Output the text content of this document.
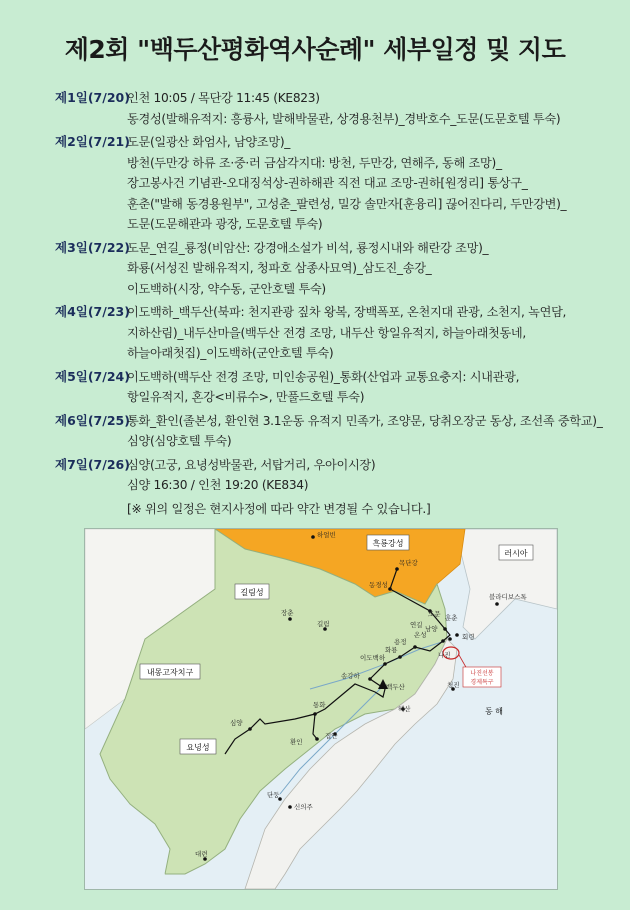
제2회 "백두산평화역사순례" 세부일정 및 지도
제1일(7/20)
인천 10:05 / 목단강 11:45 (KE823)
동경성(발해유적지: 흥륭사, 발해박물관, 상경용천부)_경박호수_도문(도문호텔 투숙)
제2일(7/21)
도문(일광산 화엄사, 남양조망)_
방천(두만강 하류 조·중·러 금삼각지대: 방천, 두만강, 연해주, 동해 조망)_
장고봉사건 기념관-오대징석상-권하해관 직전 대교 조망-권하[원정리] 통상구_
훈춘("발해 동경용원부", 고성춘_팔련성, 밀강 솔만자[훈융리] 끊어진다리, 두만강변)_
도문(도문해관과 광장, 도문호텔 투숙)
제3일(7/22)
도문_연길_룡정(비암산: 강경애소설가 비석, 룡정시내와 해란강 조망)_
화룡(서성진 발해유적지, 청파호 삼종사묘역)_삼도진_송강_
이도백하(시장, 약수동, 군안호텔 투숙)
제4일(7/23)
이도백하_백두산(북파: 천지관광 짚차 왕복, 장백폭포, 온천지대 관광, 소천지, 녹연담,
지하산림)_내두산마을(백두산 전경 조망, 내두산 항일유적지, 하늘아래첫동네,
하늘아래첫집)_이도백하(군안호텔 투숙)
제5일(7/24)
이도백하(백두산 전경 조망, 미인송공원)_통화(산업과 교통요충지: 시내관광,
항일유적지, 혼강<비류수>, 만풀드호텔 투숙)
제6일(7/25)
통화_환인(졸본성, 환인현 3.1운동 유적지 민족가, 조양문, 당취오장군 동상, 조선족 중학교)_
심양(심양호텔 투숙)
제7일(7/26)
심양(고궁, 요녕성박물관, 서탑거리, 우아이시장)
심양 16:30 / 인천 19:20 (KE834)
[※ 위의 일정은 현지사정에 따라 약간 변경될 수 있습니다.]
흑룡강성
러시아
길림성
내몽고자치구
요녕성
동 해
나진선봉
경제특구
하얼빈
목단강
동경성
블라디보스톡
장춘
길림
도문
연길
훈춘
남양
온성	회령
용정
화룡
이도백하
송강하
백두산
나진
청진
혜산
통화
심양
환인
집안
단둥
신의주
대련
